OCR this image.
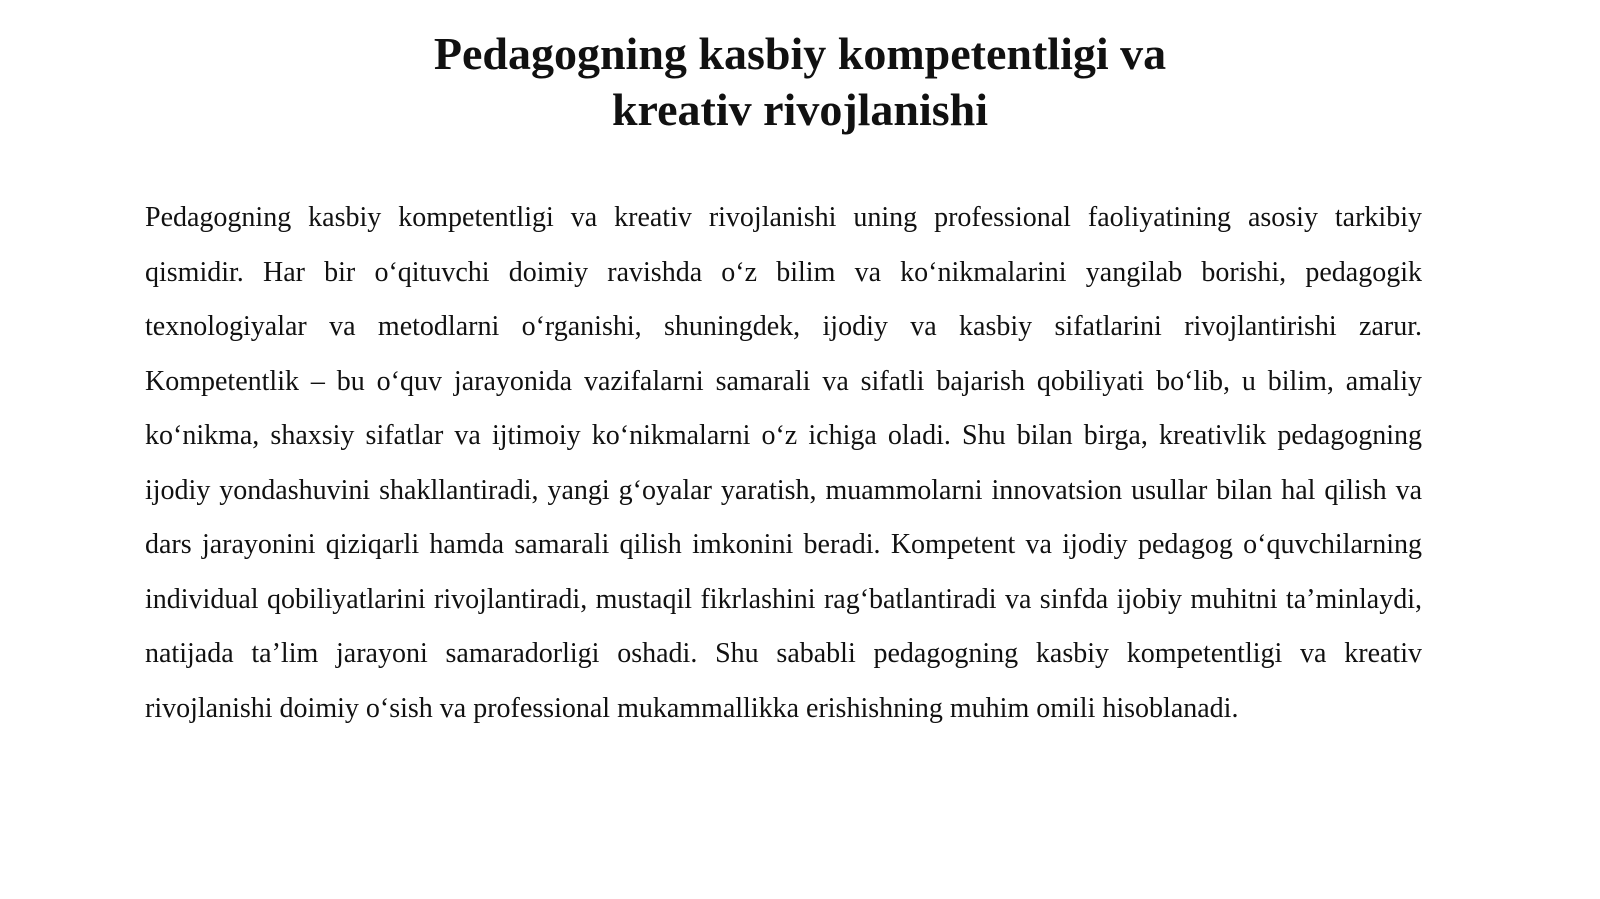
Pedagogning kasbiy kompetentligi va
kreativ rivojlanishi

Pedagogning kasbiy kompetentligi va kreativ rivojlanishi uning professional faoliyatining asosiy tarkibiy qismidir. Har bir o‘qituvchi doimiy ravishda o‘z bilim va ko‘nikmalarini yangilab borishi, pedagogik texnologiyalar va metodlarni o‘rganishi, shuningdek, ijodiy va kasbiy sifatlarini rivojlantirishi zarur. Kompetentlik – bu o‘quv jarayonida vazifalarni samarali va sifatli bajarish qobiliyati bo‘lib, u bilim, amaliy ko‘nikma, shaxsiy sifatlar va ijtimoiy ko‘nikmalarni o‘z ichiga oladi. Shu bilan birga, kreativlik pedagogning ijodiy yondashuvini shakllantiradi, yangi g‘oyalar yaratish, muammolarni innovatsion usullar bilan hal qilish va dars jarayonini qiziqarli hamda samarali qilish imkonini beradi. Kompetent va ijodiy pedagog o‘quvchilarning individual qobiliyatlarini rivojlantiradi, mustaqil fikrlashini rag‘batlantiradi va sinfda ijobiy muhitni ta’minlaydi, natijada ta’lim jarayoni samaradorligi oshadi. Shu sababli pedagogning kasbiy kompetentligi va kreativ rivojlanishi doimiy o‘sish va professional mukammallikka erishishning muhim omili hisoblanadi.
